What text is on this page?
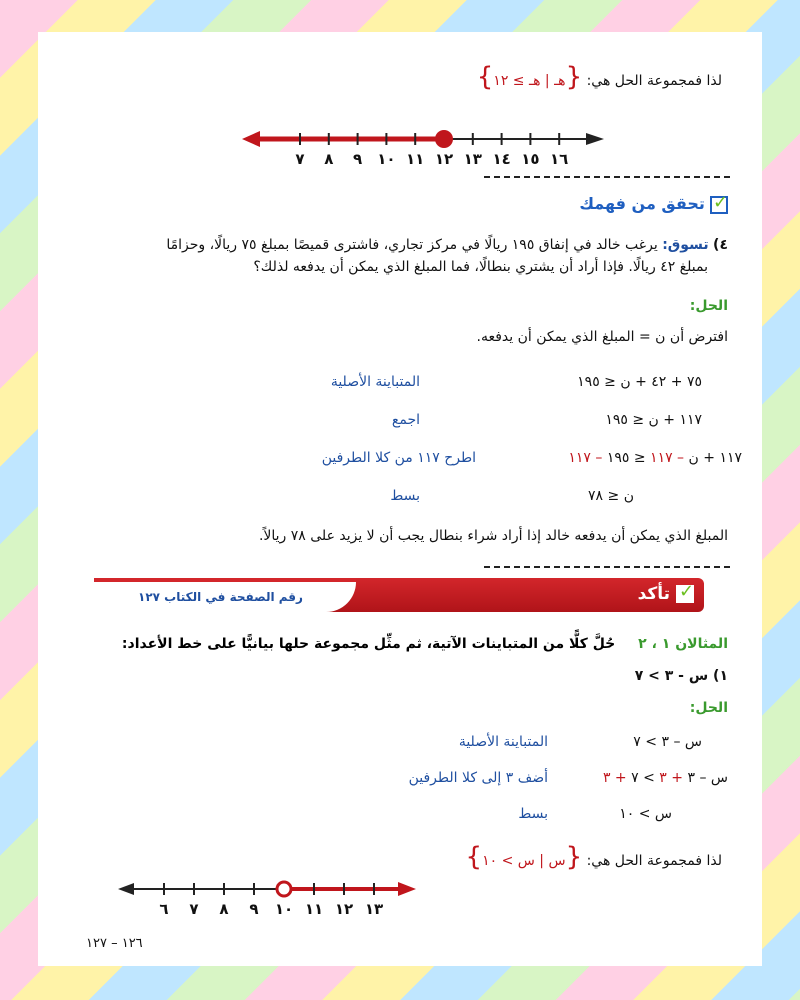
لذا فمجموعة الحل هي: {هـ | هـ ≥ ١٢}
٧ ٨ ٩ ١٠ ١١ ١٢ ١٣ ١٤ ١٥ ١٦
✓ تحقق من فهمك
٤) تسوق: يرغب خالد في إنفاق ١٩٥ ريالًا في مركز تجاري، فاشترى قميصًا بمبلغ ٧٥ ريالًا، وحزامًا
بمبلغ ٤٢ ريالًا. فإذا أراد أن يشتري بنطالًا، فما المبلغ الذي يمكن أن يدفعه لذلك؟
الحل:
افترض أن ن = المبلغ الذي يمكن أن يدفعه.
٧٥ + ٤٢ + ن ≤ ١٩٥
المتباينة الأصلية
١١٧ + ن ≤ ١٩٥
اجمع
١١٧ + ن – ١١٧ ≤ ١٩٥ – ١١٧
اطرح ١١٧ من كلا الطرفين
ن ≤ ٧٨
بسط
المبلغ الذي يمكن أن يدفعه خالد إذا أراد شراء بنطال يجب أن لا يزيد على ٧٨ ريالاً.
رقم الصفحة في الكتاب ١٢٧
✓	تأكد
المثالان ١ ، ٢ حُلَّ كلًّا من المتباينات الآتية، ثم مثِّل مجموعة حلها بيانيًّا على خط الأعداد:
١) س - ٣ > ٧
الحل:
س – ٣ > ٧
المتباينة الأصلية
س – ٣ + ٣ > ٧ + ٣
أضف ٣ إلى كلا الطرفين
س > ١٠
بسط
لذا فمجموعة الحل هي: {س | س > ١٠}
٦ ٧ ٨ ٩ ١٠ ١١ ١٢ ١٣
١٢٦ – ١٢٧
